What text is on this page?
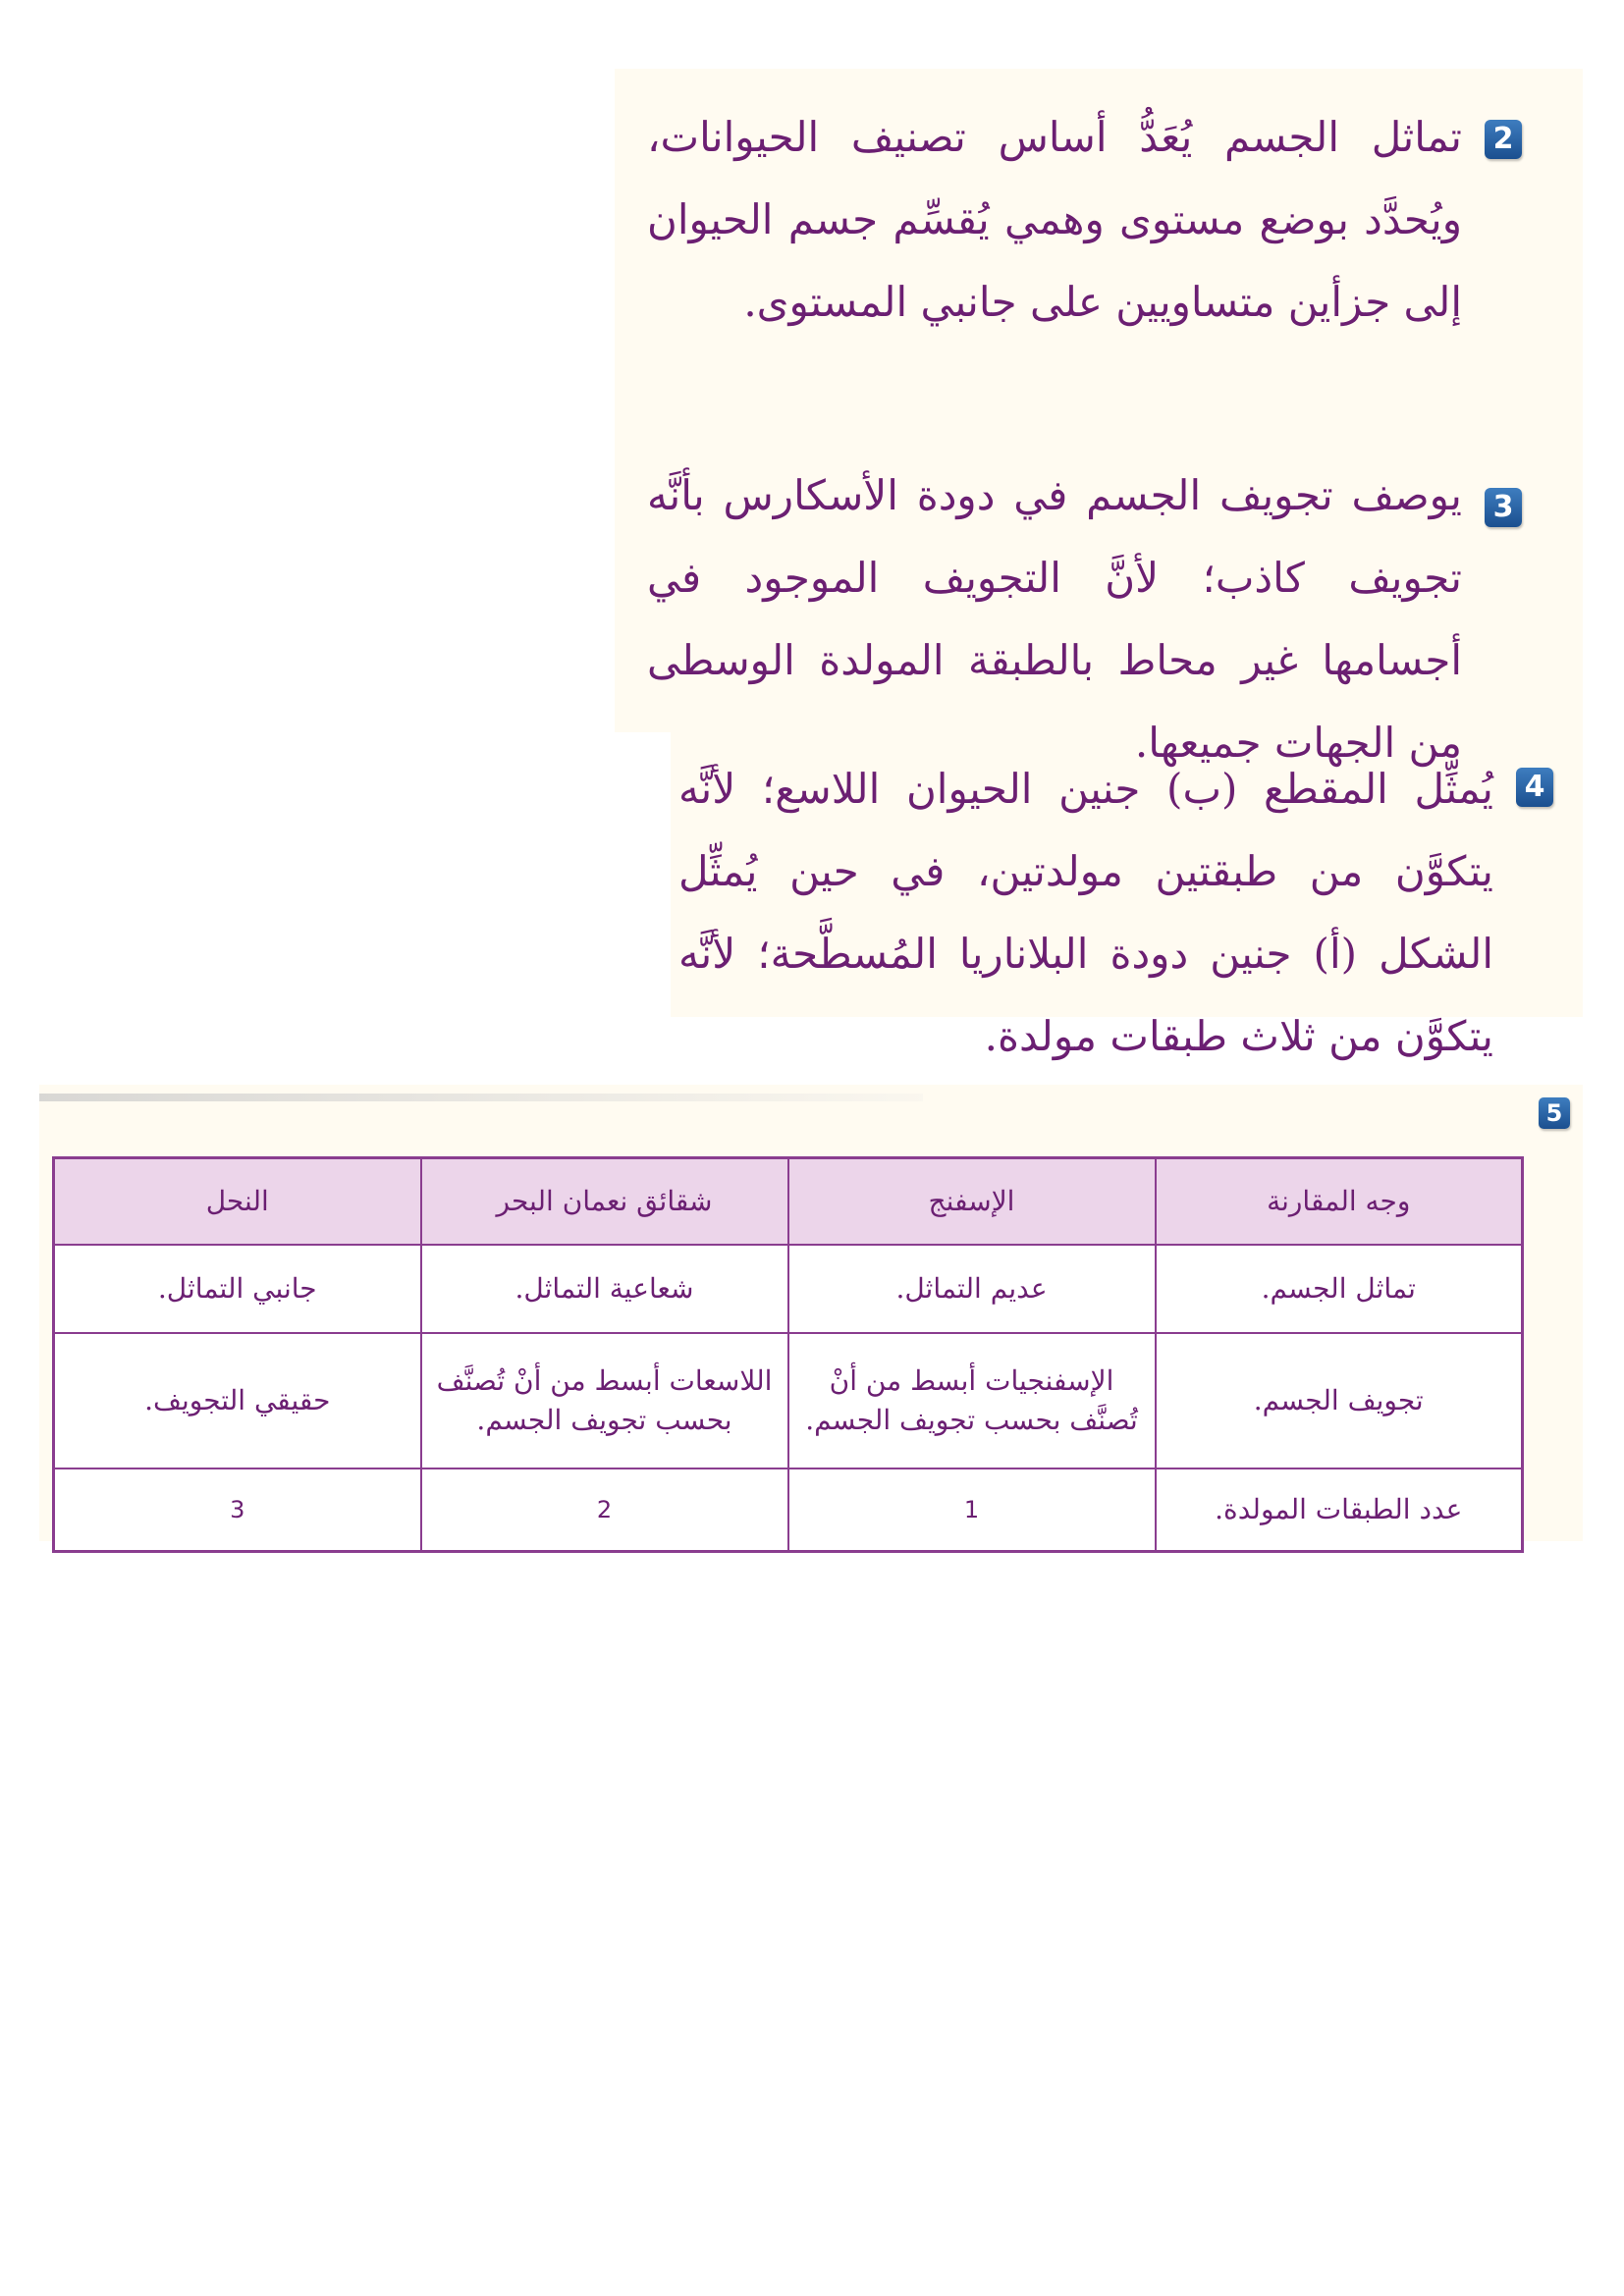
2

تماثل الجسم يُعَدُّ أساس تصنيف الحيوانات، ويُحدَّد بوضع مستوى وهمي يُقسِّم جسم الحيوان إلى جزأين متساويين على جانبي المستوى.

3

يوصف تجويف الجسم في دودة الأسكارس بأنَّه تجويف كاذب؛ لأنَّ التجويف الموجود في أجسامها غير محاط بالطبقة المولدة الوسطى من الجهات جميعها.

4

يُمثِّل المقطع (ب) جنين الحيوان اللاسع؛ لأنَّه يتكوَّن من طبقتين مولدتين، في حين يُمثِّل الشكل (أ) جنين دودة البلاناريا المُسطَّحة؛ لأنَّه يتكوَّن من ثلاث طبقات مولدة.

5
وجه المقارنة	الإسفنج	شقائق نعمان البحر	النحل
تماثل الجسم.	عديم التماثل.	شعاعية التماثل.	جانبي التماثل.
تجويف الجسم.	الإسفنجيات أبسط من أنْ تُصنَّف بحسب تجويف الجسم.	اللاسعات أبسط من أنْ تُصنَّف بحسب تجويف الجسم.	حقيقي التجويف.
عدد الطبقات المولدة.	1	2	3
